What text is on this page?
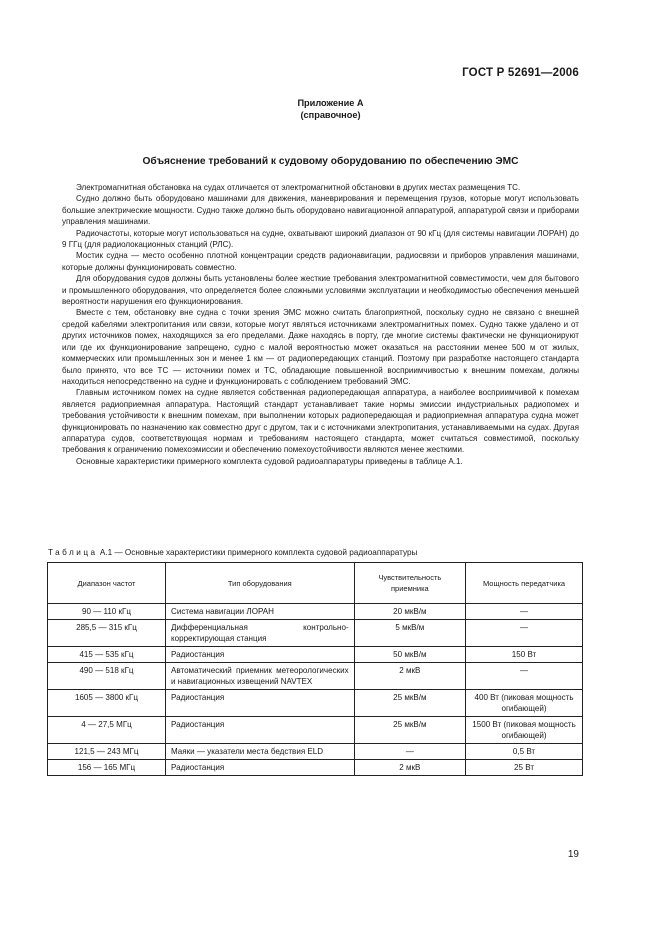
ГОСТ Р 52691—2006
Приложение А
(справочное)
Объяснение требований к судовому оборудованию по обеспечению ЭМС

Электромагнитная обстановка на судах отличается от электромагнитной обстановки в других местах размещения ТС.

Судно должно быть оборудовано машинами для движения, маневрирования и перемещения грузов, которые могут использовать большие электрические мощности. Судно также должно быть оборудовано навигационной аппаратурой, аппаратурой связи и приборами управления машинами.

Радиочастоты, которые могут использоваться на судне, охватывают широкий диапазон от 90 кГц (для системы навигации ЛОРАН) до 9 ГГц (для радиолокационных станций (РЛС).

Мостик судна — место особенно плотной концентрации средств радионавигации, радиосвязи и приборов управления машинами, которые должны функционировать совместно.

Для оборудования судов должны быть установлены более жесткие требования электромагнитной совместимости, чем для бытового и промышленного оборудования, что определяется более сложными условиями эксплуатации и необходимостью обеспечения меньшей вероятности нарушения его функционирования.

Вместе с тем, обстановку вне судна с точки зрения ЭМС можно считать благоприятной, поскольку судно не связано с внешней средой кабелями электропитания или связи, которые могут являться источниками электромагнитных помех. Судно также удалено и от других источников помех, находящихся за его пределами. Даже находясь в порту, где многие системы фактически не функционируют или где их функционирование запрещено, судно с малой вероятностью может оказаться на расстоянии менее 500 м от жилых, коммерческих или промышленных зон и менее 1 км — от радиопередающих станций. Поэтому при разработке настоящего стандарта было принято, что все ТС — источники помех и ТС, обладающие повышенной восприимчивостью к внешним помехам, должны находиться непосредственно на судне и функционировать с соблюдением требований ЭМС.

Главным источником помех на судне является собственная радиопередающая аппаратура, а наиболее восприимчивой к помехам является радиоприемная аппаратура. Настоящий стандарт устанавливает такие нормы эмиссии индустриальных радиопомех и требования устойчивости к внешним помехам, при выполнении которых радиопередающая и радиоприемная аппаратура судна может функционировать по назначению как совместно друг с другом, так и с источниками электропитания, устанавливаемыми на судах. Другая аппаратура судов, соответствующая нормам и требованиям настоящего стандарта, может считаться совместимой, поскольку требования к ограничению помехоэмиссии и обеспечению помехоустойчивости являются менее жесткими.

Основные характеристики примерного комплекта судовой радиоаппаратуры приведены в таблице А.1.

Таблица А.1 — Основные характеристики примерного комплекта судовой радиоаппаратуры
Диапазон частот	Тип оборудования	Чувствительность приемника	Мощность передатчика
90 — 110 кГц	Система навигации ЛОРАН	20 мкВ/м	—
285,5 — 315 кГц	Дифференциальная контрольно-корректирующая станция	5 мкВ/м	—
415 — 535 кГц	Радиостанция	50 мкВ/м	150 Вт
490 — 518 кГц	Автоматический приемник метеорологических и навигационных извещений NAVTEX	2 мкВ	—
1605 — 3800 кГц	Радиостанция	25 мкВ/м	400 Вт (пиковая мощность огибающей)
4 — 27,5 МГц	Радиостанция	25 мкВ/м	1500 Вт (пиковая мощность огибающей)
121,5 — 243 МГц	Маяки — указатели места бедствия ELD	—	0,5 Вт
156 — 165 МГц	Радиостанция	2 мкВ	25 Вт
19
